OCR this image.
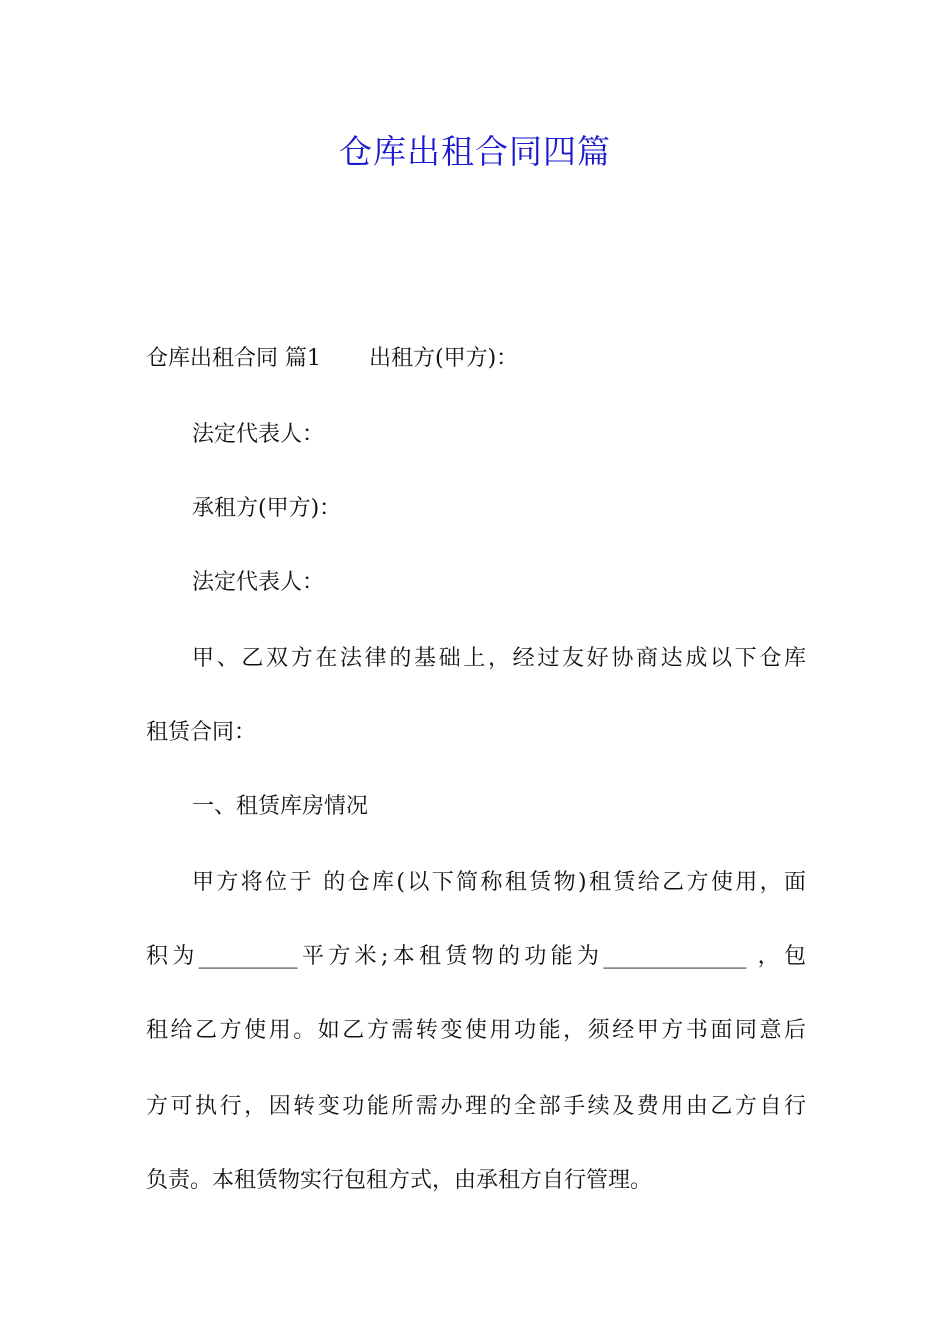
仓库出租合同四篇
仓库出租合同 篇1 出租方(甲方)：
法定代表人：
承租方(甲方)：
法定代表人：
甲、乙双方在法律的基础上，经过友好协商达成以下仓库
租赁合同：
一、租赁库房情况
甲方将位于 的仓库(以下简称租赁物)租赁给乙方使用，面
积为_________平方米;本租赁物的功能为_____________ ，包
租给乙方使用。如乙方需转变使用功能，须经甲方书面同意后
方可执行，因转变功能所需办理的全部手续及费用由乙方自行
负责。本租赁物实行包租方式，由承租方自行管理。
